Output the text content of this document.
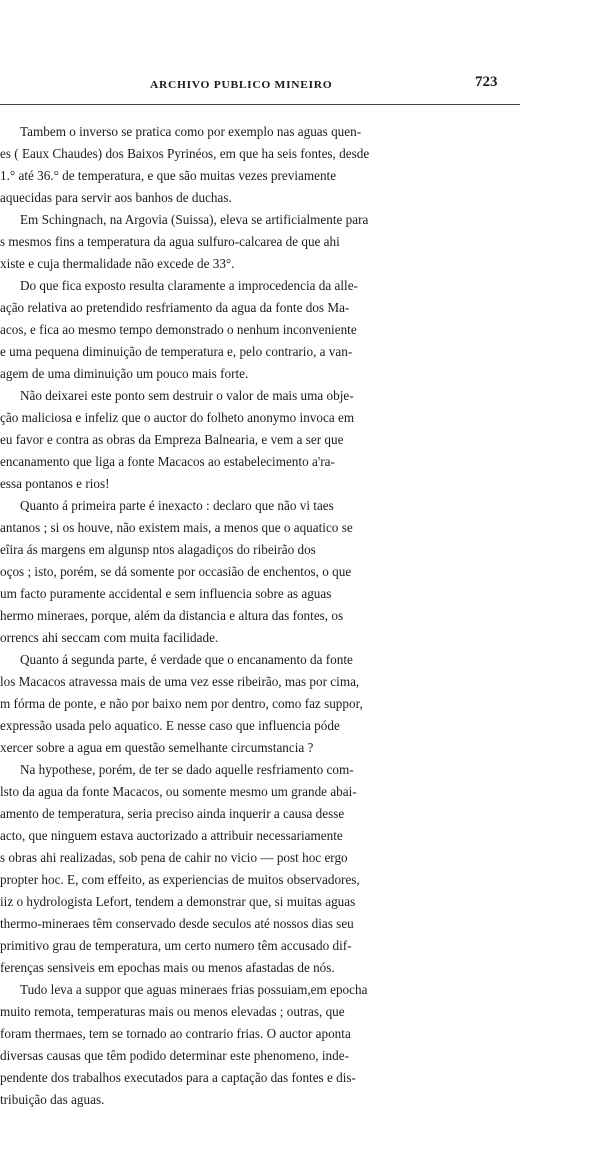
ARCHIVO PUBLICO MINEIRO	723
Tambem o inverso se pratica como por exemplo nas aguas quen-
es ( Eaux Chaudes) dos Baixos Pyrinéos, em que ha seis fontes, desde
1.° até 36.° de temperatura, e que são muitas vezes previamente
aquecidas para servir aos banhos de duchas.
Em Schingnach, na Argovia (Suissa), eleva se artificialmente para
s mesmos fins a temperatura da agua sulfuro-calcarea de que ahi
xiste e cuja thermalidade não excede de 33°.
Do que fica exposto resulta claramente a improcedencia da alle-
ação relativa ao pretendido resfriamento da agua da fonte dos Ma-
acos, e fica ao mesmo tempo demonstrado o nenhum inconveniente
e uma pequena diminuição de temperatura e, pelo contrario, a van-
agem de uma diminuição um pouco mais forte.
Não deixarei este ponto sem destruir o valor de mais uma obje-
ção maliciosa e infeliz que o auctor do folheto anonymo invoca em
eu favor e contra as obras da Empreza Balnearia, e vem a ser que
encanamento que liga a fonte Macacos ao estabelecimento a'ra-
essa pontanos e rios!
Quanto á primeira parte é inexacto : declaro que não vi taes
antanos ; si os houve, não existem mais, a menos que o aquatico se
eîira ás margens em algunsp ntos alagadiços do ribeirão dos
oços ; isto, porém, se dá somente por occasião de enchentos, o que
um facto puramente accidental e sem influencia sobre as aguas
hermo mineraes, porque, além da distancia e altura das fontes, os
orrencs ahi seccam com muita facilidade.
Quanto á segunda parte, é verdade que o encanamento da fonte
los Macacos atravessa mais de uma vez esse ribeirão, mas por cima,
m fórma de ponte, e não por baixo nem por dentro, como faz suppor,
expressão usada pelo aquatico. E nesse caso que influencia póde
xercer sobre a agua em questão semelhante circumstancia ?
Na hypothese, porém, de ter se dado aquelle resfriamento com-
lsto da agua da fonte Macacos, ou somente mesmo um grande abai-
amento de temperatura, seria preciso ainda inquerir a causa desse
acto, que ninguem estava auctorizado a attribuir necessariamente
s obras ahi realizadas, sob pena de cahir no vicio — post hoc ergo
propter hoc. E, com effeito, as experiencias de muitos observadores,
iiz o hydrologista Lefort, tendem a demonstrar que, si muitas aguas
thermo-mineraes têm conservado desde seculos até nossos dias seu
primitivo grau de temperatura, um certo numero têm accusado dif-
ferenças sensiveis em epochas mais ou menos afastadas de nós.
Tudo leva a suppor que aguas mineraes frias possuiam,em epocha
muito remota, temperaturas mais ou menos elevadas ; outras, que
foram thermaes, tem se tornado ao contrario frias. O auctor aponta
diversas causas que têm podido determinar este phenomeno, inde-
pendente dos trabalhos executados para a captação das fontes e dis-
tribuição das aguas.
